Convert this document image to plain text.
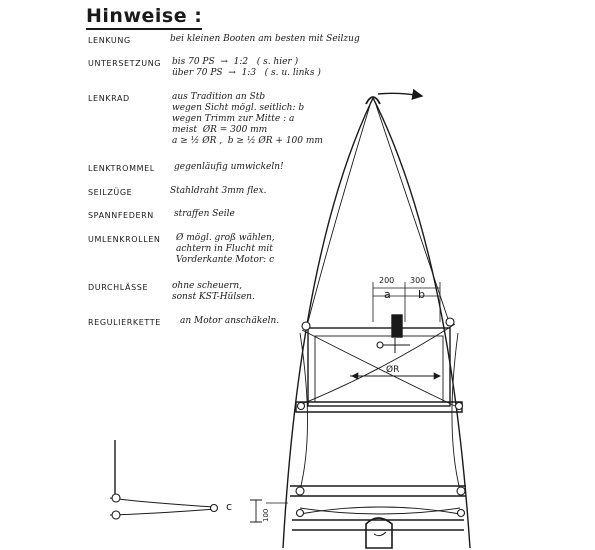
Hinweise :
LENKUNG	bei kleinen Booten am besten mit Seilzug
UNTERSETZUNG bis 70 PS  →  1:2   ( s. hier )
über 70 PS  →  1:3   ( s. u. links )
LENKRAD	aus Tradition an Stb
wegen Sicht mögl. seitlich: b
wegen Trimm zur Mitte : a
meist  ØR = 300 mm
a ≥ ½ ØR ,  b ≥ ½ ØR + 100 mm
LENKTROMMEL gegenläufig umwickeln!
SEILZÜGE	Stahldraht 3mm flex.
SPANNFEDERN straffen Seile
UMLENKROLLEN Ø mögl. groß wählen,
achtern in Flucht mit
Vorderkante Motor: c
DURCHLÄSSE	ohne scheuern,
sonst KST-Hülsen.
REGULIERKETTE an Motor anschäkeln.
200 300
a b
ØR
c
100
